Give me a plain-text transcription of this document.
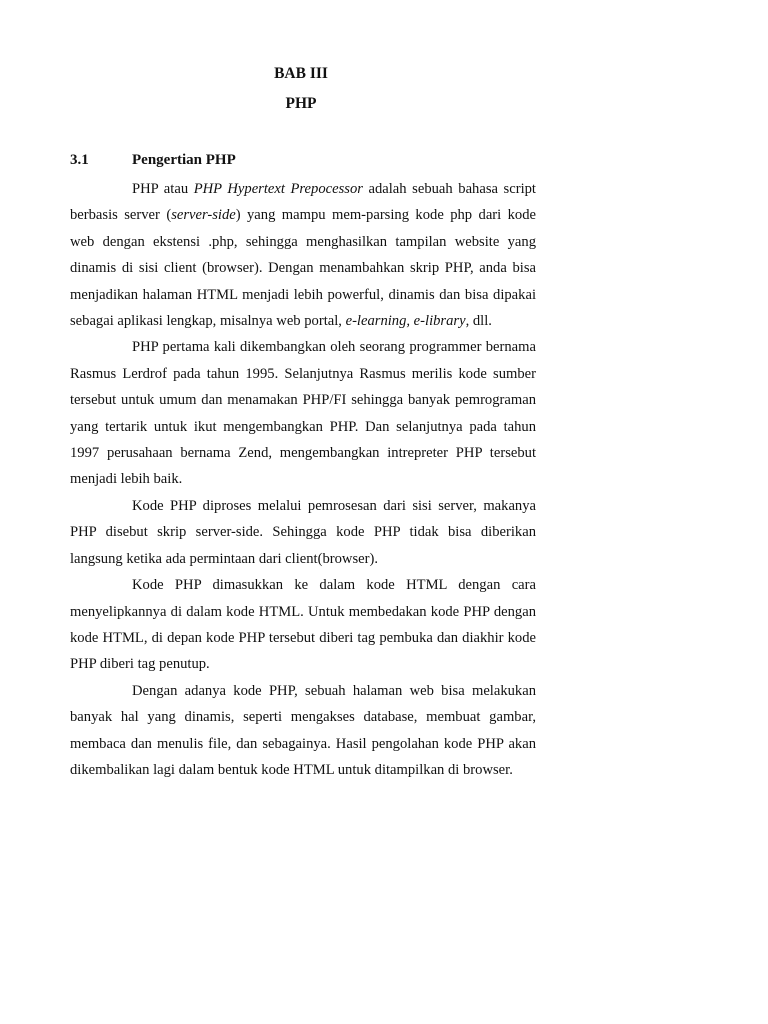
BAB III
PHP
3.1	Pengertian PHP

PHP atau PHP Hypertext Prepocessor adalah sebuah bahasa script berbasis server (server-side) yang mampu mem-parsing kode php dari kode web dengan ekstensi .php, sehingga menghasilkan tampilan website yang dinamis di sisi client (browser). Dengan menambahkan skrip PHP, anda bisa menjadikan halaman HTML menjadi lebih powerful, dinamis dan bisa dipakai sebagai aplikasi lengkap, misalnya web portal, e-learning, e-library, dll.

PHP pertama kali dikembangkan oleh seorang programmer bernama Rasmus Lerdrof pada tahun 1995. Selanjutnya Rasmus merilis kode sumber tersebut untuk umum dan menamakan PHP/FI sehingga banyak pemrograman yang tertarik untuk ikut mengembangkan PHP. Dan selanjutnya pada tahun 1997 perusahaan bernama Zend, mengembangkan intrepreter PHP tersebut menjadi lebih baik.

Kode PHP diproses melalui pemrosesan dari sisi server, makanya PHP disebut skrip server-side. Sehingga kode PHP tidak bisa diberikan langsung ketika ada permintaan dari client(browser).

Kode PHP dimasukkan ke dalam kode HTML dengan cara menyelipkannya di dalam kode HTML. Untuk membedakan kode PHP dengan kode HTML, di depan kode PHP tersebut diberi tag pembuka dan diakhir kode PHP diberi tag penutup.

Dengan adanya kode PHP, sebuah halaman web bisa melakukan banyak hal yang dinamis, seperti mengakses database, membuat gambar, membaca dan menulis file, dan sebagainya. Hasil pengolahan kode PHP akan dikembalikan lagi dalam bentuk kode HTML untuk ditampilkan di browser.
